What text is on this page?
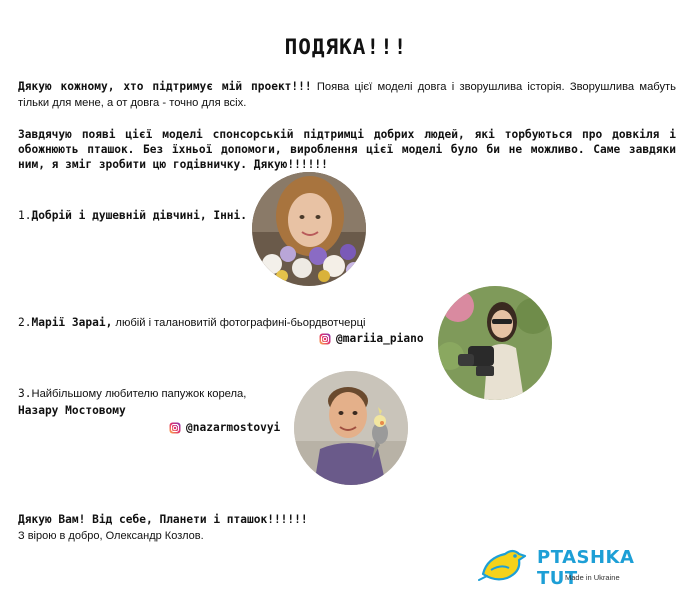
ПОДЯКА!!!
Дякую кожному, хто підтримує мій проект!!! Поява цієї моделі довга і зворушлива історія. Зворушлива мабуть тільки для мене, а от довга - точно для всіх.
Завдячую появі цієї моделі спонсорській підтримці добрих людей, які торбуються про довкіля і обожнюють пташок. Без їхньої допомоги, вироблення цієї моделі було би не можливо. Саме завдяки ним, я зміг зробити цю годівничку. Дякую!!!!!!
1.Добрій і душевній дівчині, Інні.
2.Марії Зараі, любій і талановитій фотографині-бьордвотчерці
@mariia_piano
3.Найбільшому любителю папужок корела,
Назару Мостовому
@nazarmostovyi
Дякую Вам! Від себе, Планети і пташок!!!!!!
З вірою в добро, Олександр Козлов.
PTASHKA TUT
Made in Ukraine
